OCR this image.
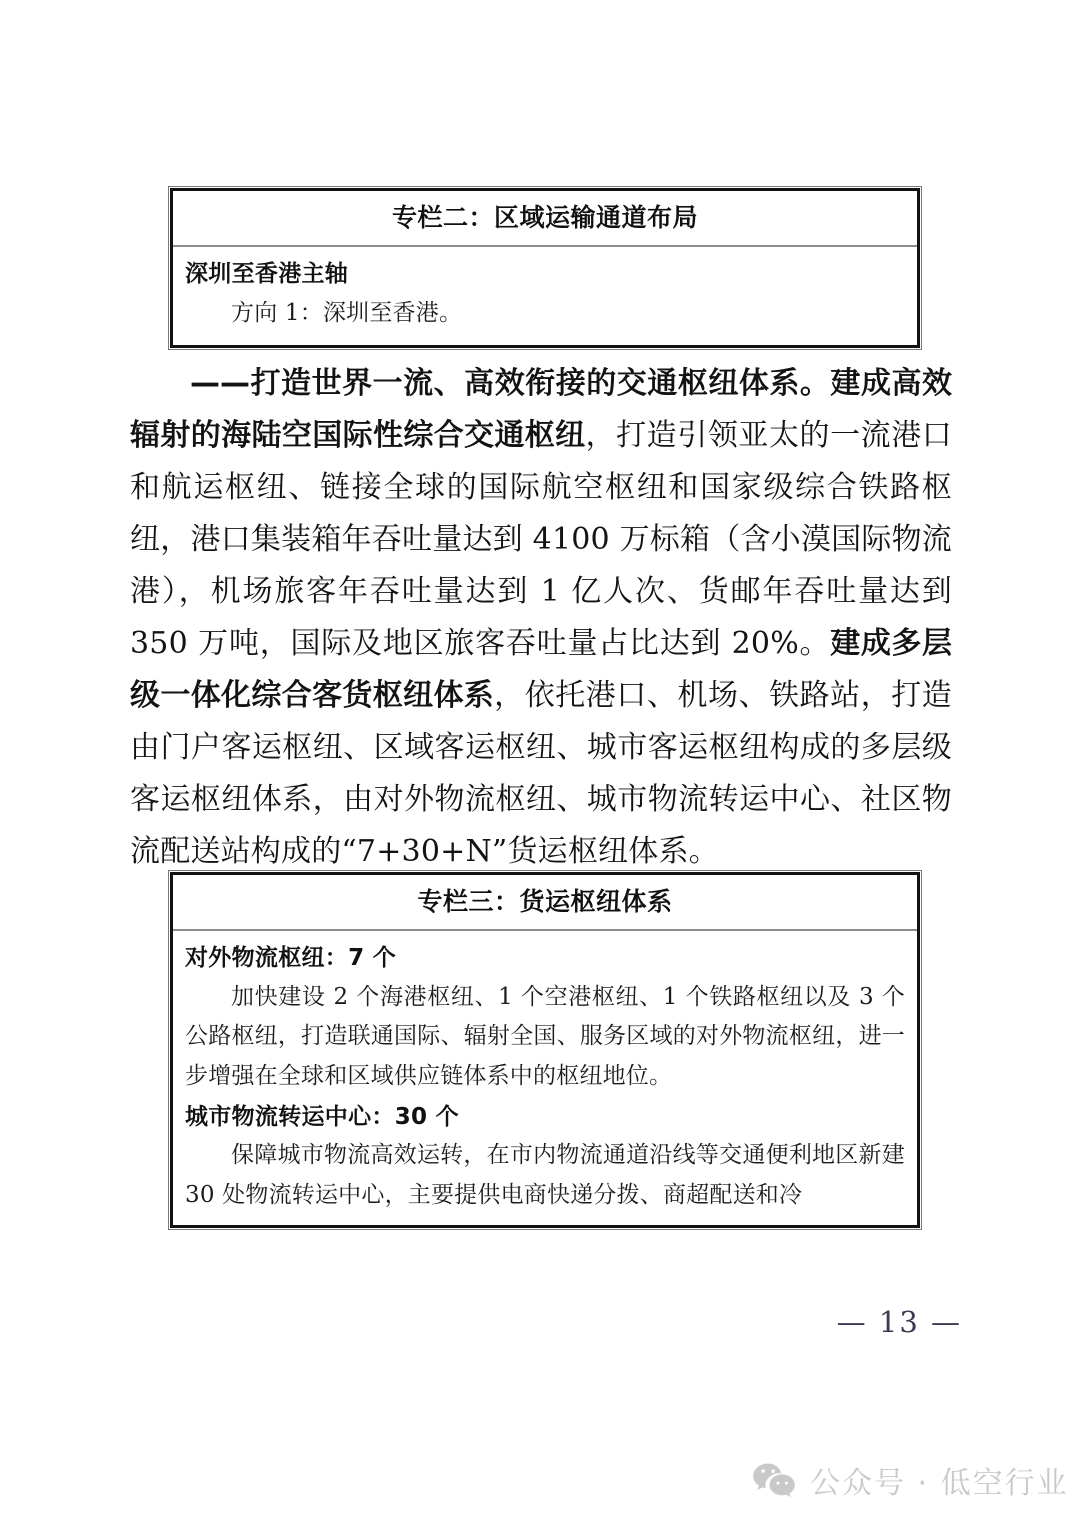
专栏二：区域运输通道布局
深圳至香港主轴

方向 1：深圳至香港。

——打造世界一流、高效衔接的交通枢纽体系。建成高效辐射的海陆空国际性综合交通枢纽，打造引领亚太的一流港口和航运枢纽、链接全球的国际航空枢纽和国家级综合铁路枢纽，港口集装箱年吞吐量达到 4100 万标箱（含小漠国际物流港），机场旅客年吞吐量达到 1 亿人次、货邮年吞吐量达到 350 万吨，国际及地区旅客吞吐量占比达到 20%。建成多层级一体化综合客货枢纽体系，依托港口、机场、铁路站，打造由门户客运枢纽、区域客运枢纽、城市客运枢纽构成的多层级客运枢纽体系，由对外物流枢纽、城市物流转运中心、社区物流配送站构成的“7+30+N”货运枢纽体系。

专栏三：货运枢纽体系
对外物流枢纽：7 个

加快建设 2 个海港枢纽、1 个空港枢纽、1 个铁路枢纽以及 3 个公路枢纽，打造联通国际、辐射全国、服务区域的对外物流枢纽，进一步增强在全球和区域供应链体系中的枢纽地位。

城市物流转运中心：30 个

保障城市物流高效运转，在市内物流通道沿线等交通便利地区新建 30 处物流转运中心，主要提供电商快递分拨、商超配送和冷

— 13 —
公众号 · 低空行业
